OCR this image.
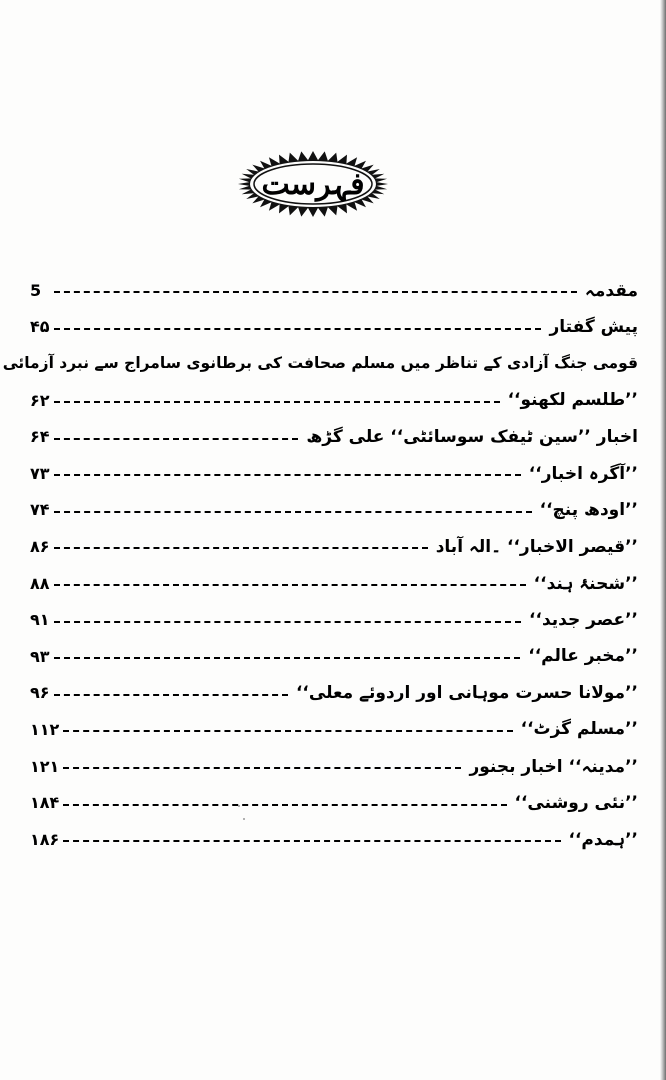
فہرست
مقدمہ
5
پیش گفتار
۴۵
قومی جنگ آزادی کے تناظر میں مسلم صحافت کی برطانوی سامراج سے نبرد آزمائی
’’طلسم لکھنو‘‘
۶۲
اخبار ’’سین ٹیفک سوسائٹی‘‘ علی گڑھ
۶۴
’’آگرہ اخبار‘‘
۷۳
’’اودھ پنچ‘‘
۷۴
’’قیصر الاخبار‘‘ ۔الہ آباد
۸۶
’’شحنۂ ہند‘‘
۸۸
’’عصر جدید‘‘
۹۱
’’مخبر عالم‘‘
۹۳
’’مولانا حسرت موہانی اور اردوئے معلی‘‘
۹۶
’’مسلم گزٹ‘‘
۱۱۲
’’مدینہ‘‘ اخبار بجنور
۱۲۱
’’نئی روشنی‘‘
۱۸۴
’’ہمدم‘‘
۱۸۶
